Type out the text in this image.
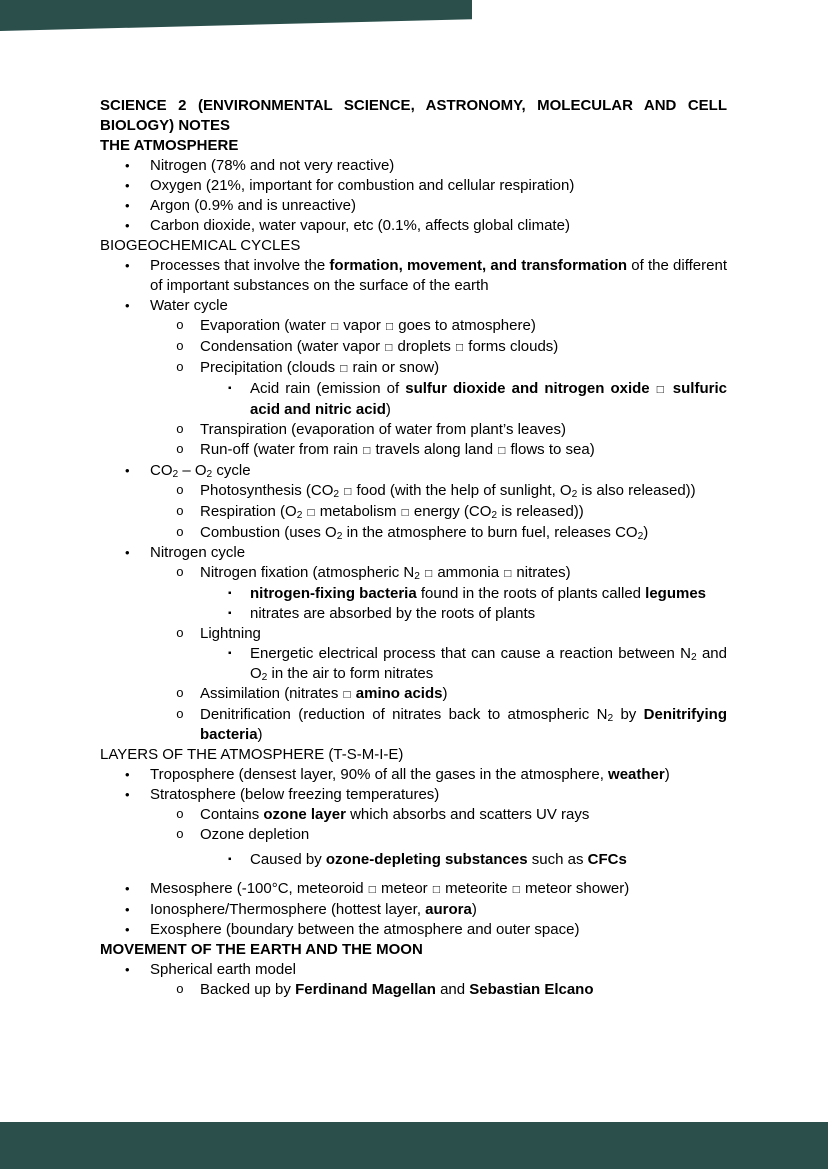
SCIENCE 2 (ENVIRONMENTAL SCIENCE, ASTRONOMY, MOLECULAR AND CELL BIOLOGY) NOTES
THE ATMOSPHERE
• Nitrogen (78% and not very reactive)
• Oxygen (21%, important for combustion and cellular respiration)
• Argon (0.9% and is unreactive)
• Carbon dioxide, water vapour, etc (0.1%, affects global climate)
BIOGEOCHEMICAL CYCLES
• Processes that involve the formation, movement, and transformation of the different of important substances on the surface of the earth
• Water cycle
o Evaporation (water □ vapor □ goes to atmosphere)
o Condensation (water vapor □ droplets □ forms clouds)
o Precipitation (clouds □ rain or snow)
▪ Acid rain (emission of sulfur dioxide and nitrogen oxide □ sulfuric acid and nitric acid)
o Transpiration (evaporation of water from plant’s leaves)
o Run-off (water from rain □ travels along land □ flows to sea)
• $CO_2 - O_2$ cycle
o Photosynthesis ($CO_2$ □ food (with the help of sunlight, $O_2$ is also released))
o Respiration ($O_2$ □ metabolism □ energy ($CO_2$ is released))
o Combustion (uses $O_2$ in the atmosphere to burn fuel, releases $CO_2$)
• Nitrogen cycle
o Nitrogen fixation (atmospheric $N_2$ □ ammonia □ nitrates)
▪ nitrogen-fixing bacteria found in the roots of plants called legumes
▪ nitrates are absorbed by the roots of plants
o Lightning
▪ Energetic electrical process that can cause a reaction between $N_2$ and $O_2$ in the air to form nitrates
o Assimilation (nitrates □ amino acids)
o Denitrification (reduction of nitrates back to atmospheric $N_2$ by Denitrifying bacteria)
LAYERS OF THE ATMOSPHERE (T-S-M-I-E)
• Troposphere (densest layer, 90% of all the gases in the atmosphere, weather)
• Stratosphere (below freezing temperatures)
o Contains ozone layer which absorbs and scatters UV rays
o Ozone depletion
▪ Caused by ozone-depleting substances such as CFCs
• Mesosphere (-100°C, meteoroid □ meteor □ meteorite □ meteor shower)
• Ionosphere/Thermosphere (hottest layer, aurora)
• Exosphere (boundary between the atmosphere and outer space)
MOVEMENT OF THE EARTH AND THE MOON
• Spherical earth model
o Backed up by Ferdinand Magellan and Sebastian Elcano
